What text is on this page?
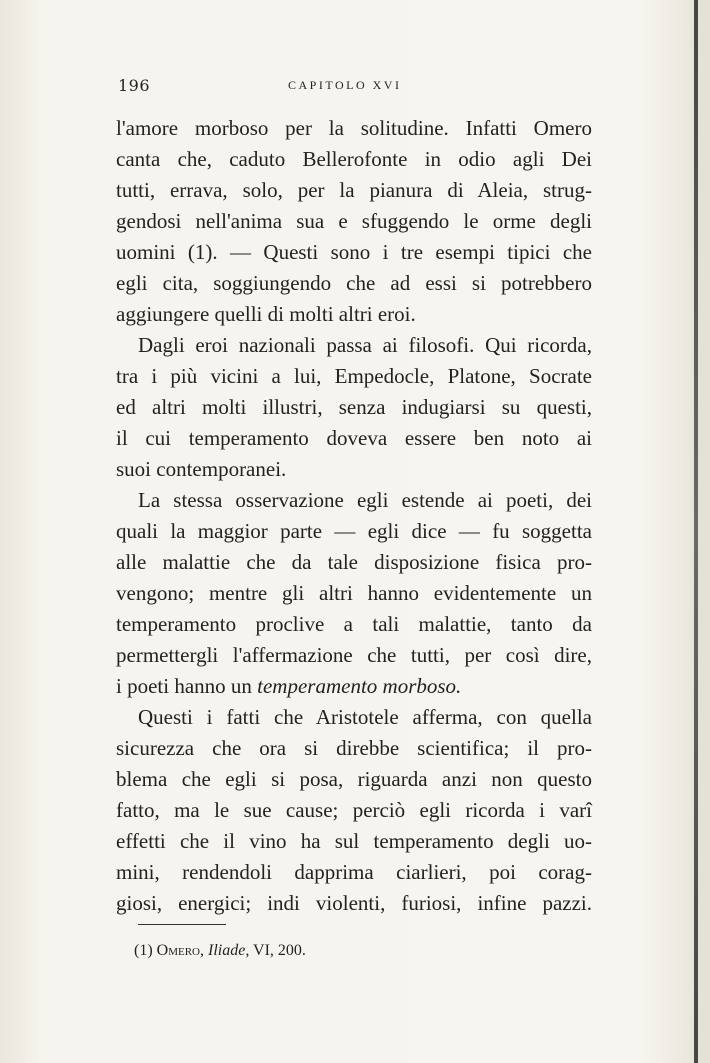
196	CAPITOLO XVI
l'amore morboso per la solitudine. Infatti Omero
canta che, caduto Bellerofonte in odio agli Dei
tutti, errava, solo, per la pianura di Aleia, strug-
gendosi nell'anima sua e sfuggendo le orme degli
uomini (1). — Questi sono i tre esempi tipici che
egli cita, soggiungendo che ad essi si potrebbero
aggiungere quelli di molti altri eroi.
Dagli eroi nazionali passa ai filosofi. Qui ricorda,
tra i più vicini a lui, Empedocle, Platone, Socrate
ed altri molti illustri, senza indugiarsi su questi,
il cui temperamento doveva essere ben noto ai
suoi contemporanei.
La stessa osservazione egli estende ai poeti, dei
quali la maggior parte — egli dice — fu soggetta
alle malattie che da tale disposizione fisica pro-
vengono; mentre gli altri hanno evidentemente un
temperamento proclive a tali malattie, tanto da
permettergli l'affermazione che tutti, per così dire,
i poeti hanno un temperamento morboso.
Questi i fatti che Aristotele afferma, con quella
sicurezza che ora si direbbe scientifica; il pro-
blema che egli si posa, riguarda anzi non questo
fatto, ma le sue cause; perciò egli ricorda i varî
effetti che il vino ha sul temperamento degli uo-
mini, rendendoli dapprima ciarlieri, poi corag-
giosi, energici; indi violenti, furiosi, infine pazzi.
(1) Omero, Iliade, VI, 200.
